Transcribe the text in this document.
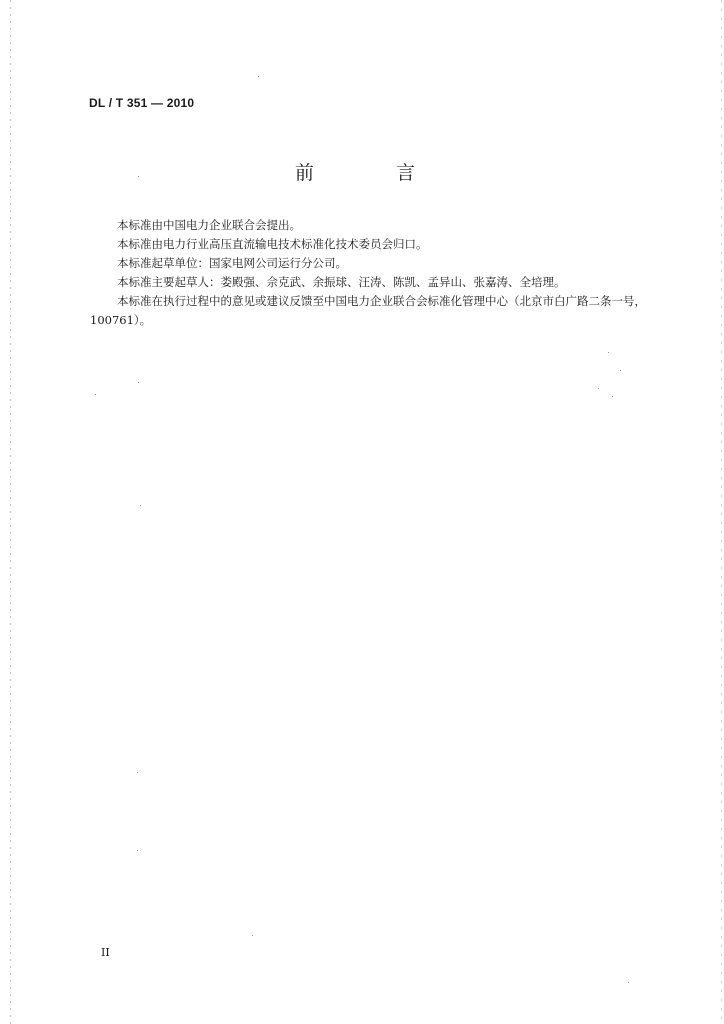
DL / T 351 — 2010
前 言

本标准由中国电力企业联合会提出。

本标准由电力行业高压直流输电技术标准化技术委员会归口。

本标准起草单位：国家电网公司运行分公司。

本标准主要起草人：娄殿强、佘克武、余振球、汪涛、陈凯、孟异山、张嘉涛、全培理。

本标准在执行过程中的意见或建议反馈至中国电力企业联合会标准化管理中心（北京市白广路二条一号，100761）。

II
